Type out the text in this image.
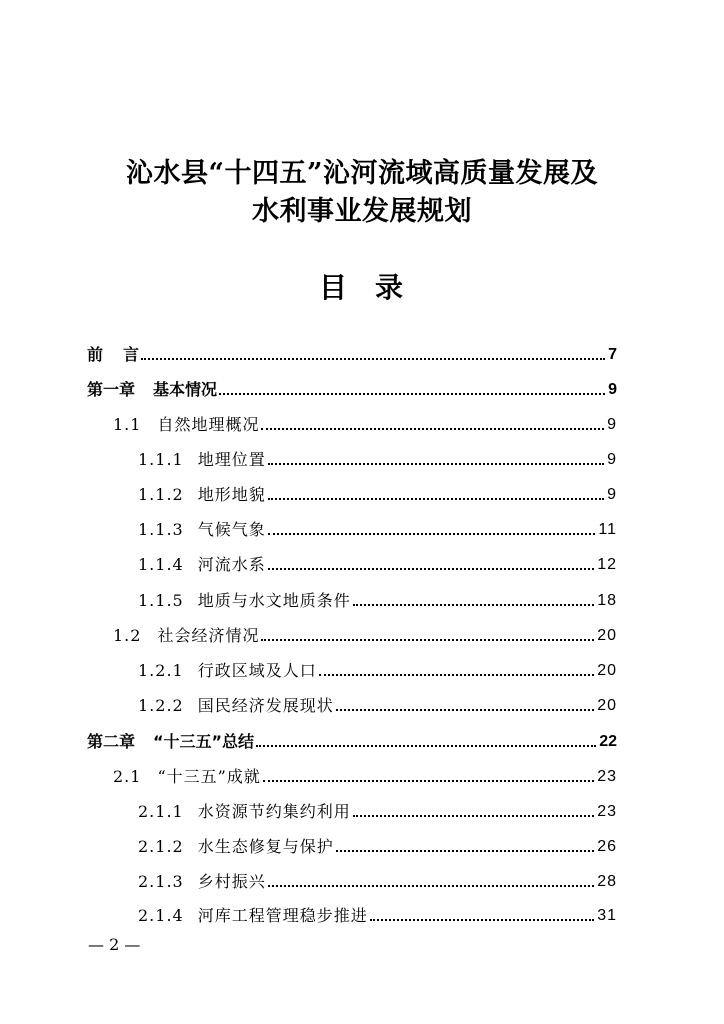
沁水县“十四五”沁河流域高质量发展及
水利事业发展规划
目 录
前 言	7
第一章 基本情况	9
1.1 自然地理概况	9
1.1.1 地理位置	9
1.1.2 地形地貌	9
1.1.3 气候气象	11
1.1.4 河流水系	12
1.1.5 地质与水文地质条件	18
1.2 社会经济情况	20
1.2.1 行政区域及人口	20
1.2.2 国民经济发展现状	20
第二章 “十三五”总结	22
2.1 “十三五”成就	23
2.1.1 水资源节约集约利用	23
2.1.2 水生态修复与保护	26
2.1.3 乡村振兴	28
2.1.4 河库工程管理稳步推进	31
— 2 —
